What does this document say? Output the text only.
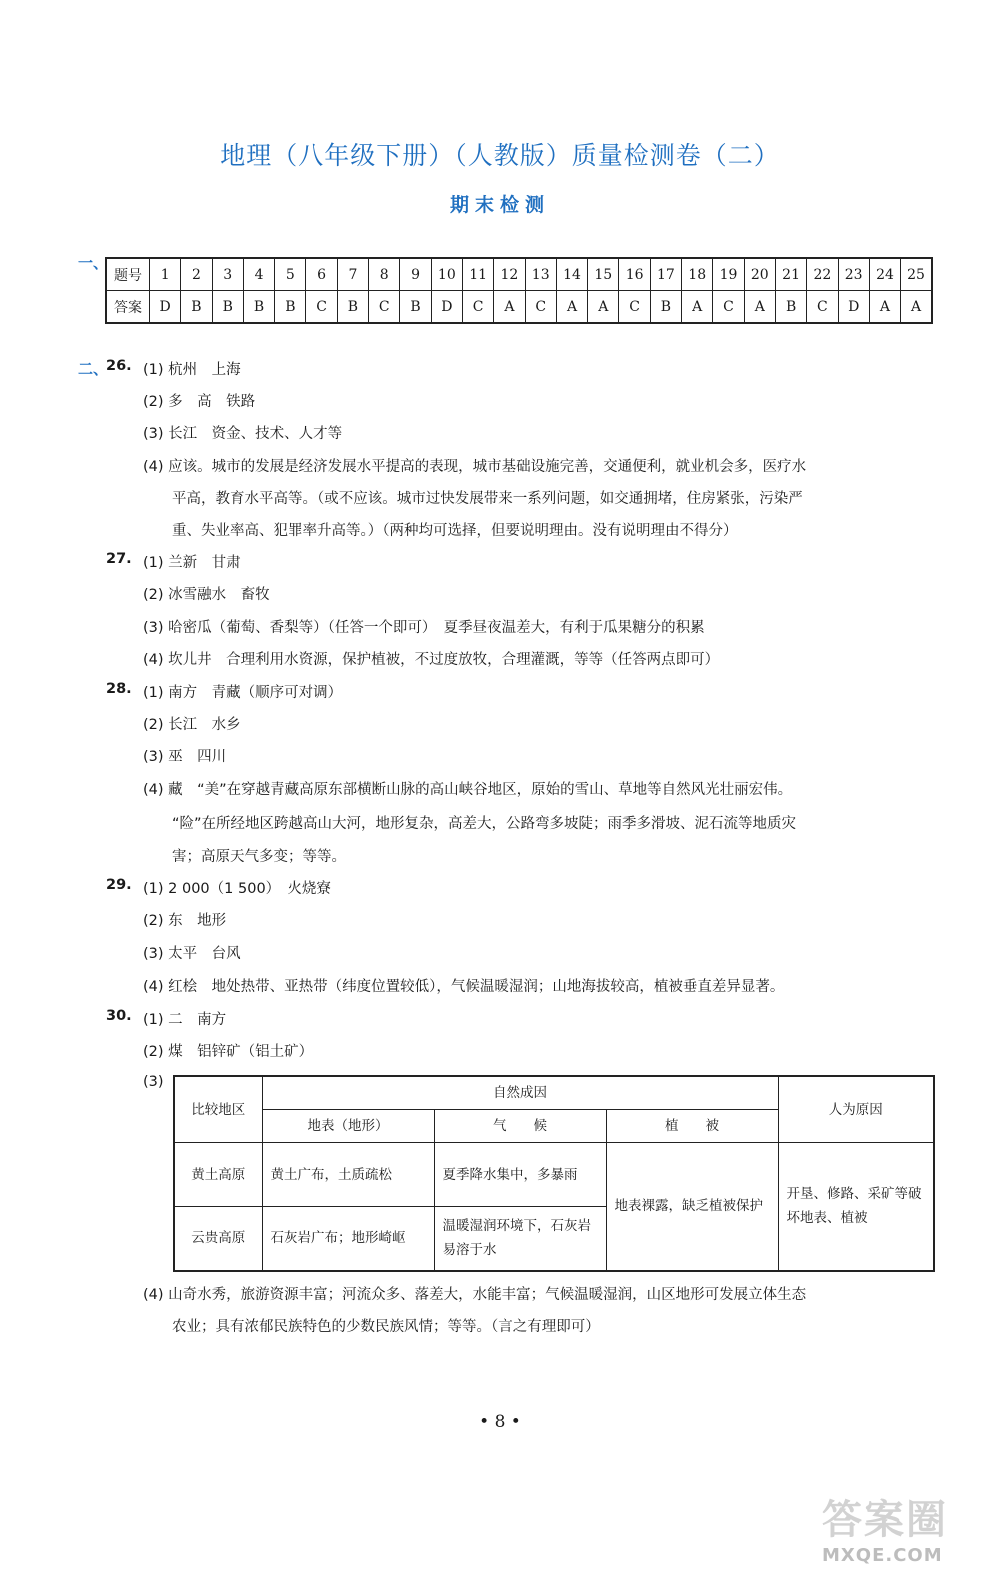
地理（八年级下册）（人教版）质量检测卷（二）
期末检测
一、
题号	1	2	3	4	5	6	7	8	9	10	11	12	13	14	15	16	17	18	19	20	21	22	23	24	25
答案	D	B	B	B	B	C	B	C	B	D	C	A	C	A	A	C	B	A	C	A	B	C	D	A	A
二、
26. (1) 杭州　上海
(2) 多　高　铁路
(3) 长江　资金、技术、人才等
(4) 应该。城市的发展是经济发展水平提高的表现，城市基础设施完善，交通便利，就业机会多，医疗水
平高，教育水平高等。（或不应该。城市过快发展带来一系列问题，如交通拥堵，住房紧张，污染严
重、失业率高、犯罪率升高等。）（两种均可选择，但要说明理由。没有说明理由不得分）
27. (1) 兰新　甘肃
(2) 冰雪融水　畜牧
(3) 哈密瓜（葡萄、香梨等）（任答一个即可）　夏季昼夜温差大，有利于瓜果糖分的积累
(4) 坎儿井　合理利用水资源，保护植被，不过度放牧，合理灌溉，等等（任答两点即可）
28. (1) 南方　青藏（顺序可对调）
(2) 长江　水乡
(3) 巫　四川
(4) 藏　“美”在穿越青藏高原东部横断山脉的高山峡谷地区，原始的雪山、草地等自然风光壮丽宏伟。
“险”在所经地区跨越高山大河，地形复杂，高差大，公路弯多坡陡；雨季多滑坡、泥石流等地质灾
害；高原天气多变；等等。
29. (1) 2 000（1 500）　火烧寮
(2) 东　地形
(3) 太平　台风
(4) 红桧　地处热带、亚热带（纬度位置较低），气候温暖湿润；山地海拔较高，植被垂直差异显著。
30. (1) 二　南方
(2) 煤　铝锌矿（铝土矿）
(3)
比较地区	自然成因			人为原因
	地表（地形）	气　　候	植　　被	
黄土高原	黄土广布，土质疏松	夏季降水集中，多暴雨	地表裸露，缺乏植被保护	开垦、修路、采矿等破坏地表、植被
云贵高原	石灰岩广布；地形崎岖	温暖湿润环境下，石灰岩易溶于水		
(4) 山奇水秀，旅游资源丰富；河流众多、落差大，水能丰富；气候温暖湿润，山区地形可发展立体生态
农业；具有浓郁民族特色的少数民族风情；等等。（言之有理即可）
• 8 •
答案圈
MXQE.COM
